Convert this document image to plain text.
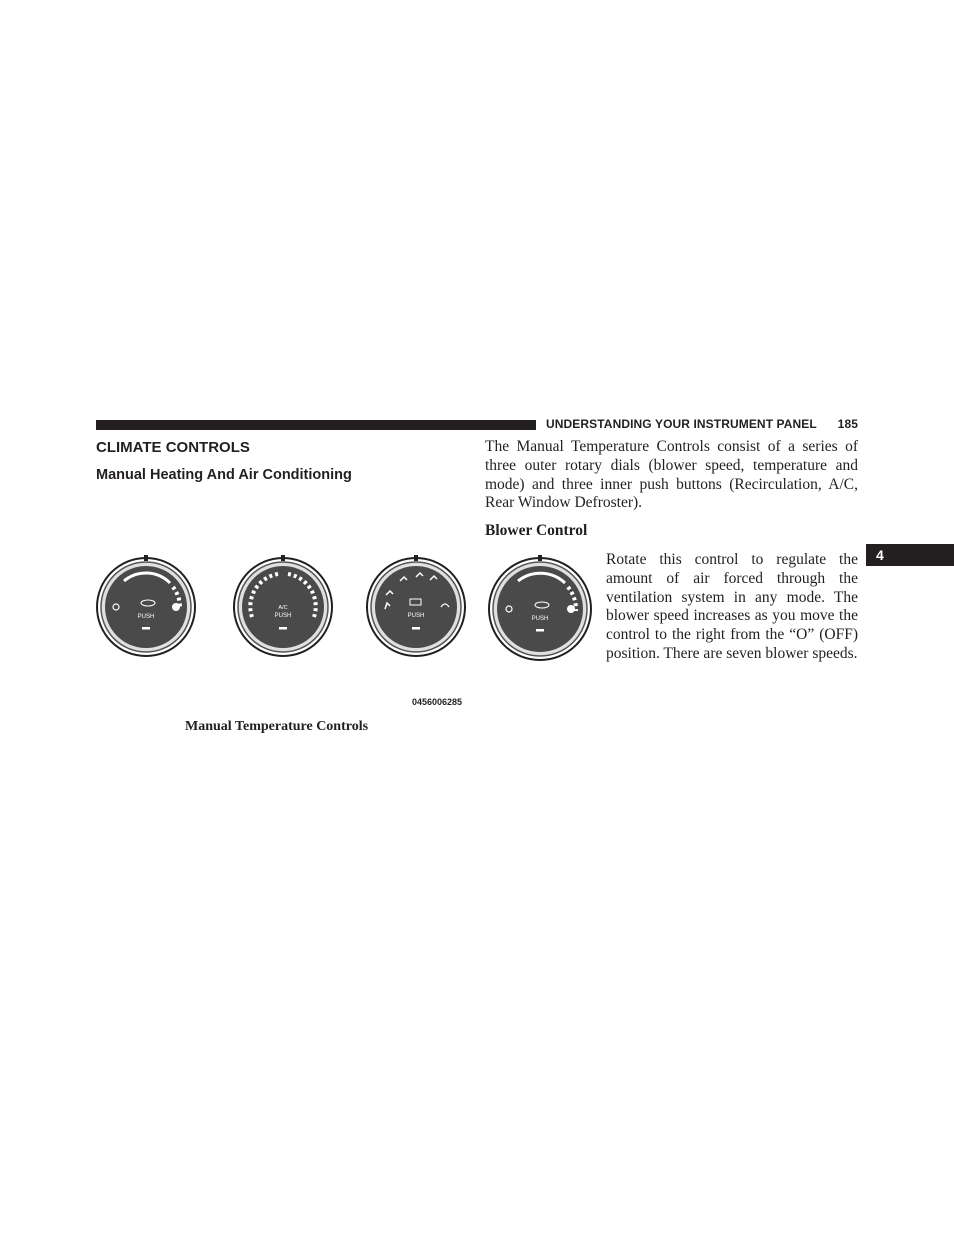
UNDERSTANDING YOUR INSTRUMENT PANEL 185
4
CLIMATE CONTROLS
Manual Heating And Air Conditioning
The Manual Temperature Controls consist of a series of three outer rotary dials (blower speed, temperature and mode) and three inner push buttons (Recirculation, A/C, Rear Window Defroster).
Blower Control
Rotate this control to regulate the amount of air forced through the ventilation system in any mode. The blower speed increases as you move the control to the right from the “O” (OFF) position. There are seven blower speeds.
PUSH
A/C
PUSH	PUSH	PUSH
0456006285
Manual Temperature Controls
